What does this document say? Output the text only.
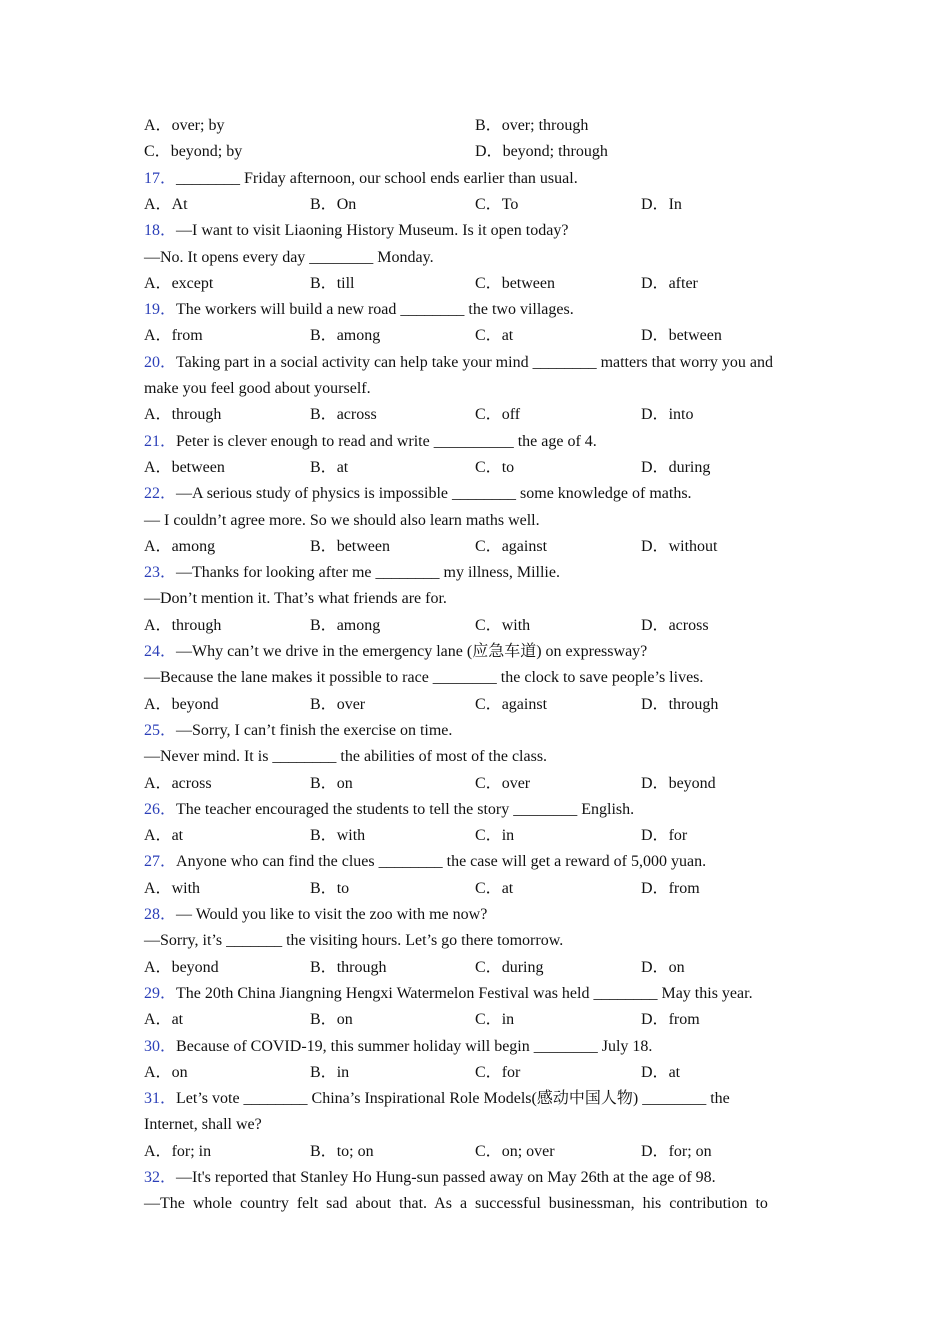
A．over; by	B．over; through
C．beyond; by	D．beyond; through
17．________ Friday afternoon, our school ends earlier than usual.
A．At	B．On	C．To	D．In
18．—I want to visit Liaoning History Museum. Is it open today?
—No. It opens every day ________ Monday.
A．except	B．till	C．between	D．after
19．The workers will build a new road ________ the two villages.
A．from	B．among	C．at	D．between
20．Taking part in a social activity can help take your mind ________ matters that worry you and
make you feel good about yourself.
A．through	B．across	C．off	D．into
21．Peter is clever enough to read and write __________ the age of 4.
A．between	B．at	C．to	D．during
22．—A serious study of physics is impossible ________ some knowledge of maths.
— I couldn’t agree more. So we should also learn maths well.
A．among	B．between	C．against	D．without
23．—Thanks for looking after me ________ my illness, Millie.
—Don’t mention it. That’s what friends are for.
A．through	B．among	C．with	D．across
24．—Why can’t we drive in the emergency lane (应急车道) on expressway?
—Because the lane makes it possible to race ________ the clock to save people’s lives.
A．beyond	B．over	C．against	D．through
25．—Sorry, I can’t finish the exercise on time.
—Never mind. It is ________ the abilities of most of the class.
A．across	B．on	C．over	D．beyond
26．The teacher encouraged the students to tell the story ________ English.
A．at	B．with	C．in	D．for
27．Anyone who can find the clues ________ the case will get a reward of 5,000 yuan.
A．with	B．to	C．at	D．from
28．— Would you like to visit the zoo with me now?
—Sorry, it’s _______ the visiting hours. Let’s go there tomorrow.
A．beyond	B．through	C．during	D．on
29．The 20th China Jiangning Hengxi Watermelon Festival was held ________ May this year.
A．at	B．on	C．in	D．from
30．Because of COVID-19, this summer holiday will begin ________ July 18.
A．on	B．in	C．for	D．at
31．Let’s vote ________ China’s Inspirational Role Models(感动中国人物) ________ the
Internet, shall we?
A．for; in	B．to; on	C．on; over	D．for; on
32．—It's reported that Stanley Ho Hung-sun passed away on May 26th at the age of 98.
—The whole country felt sad about that. As a successful businessman, his contribution to
